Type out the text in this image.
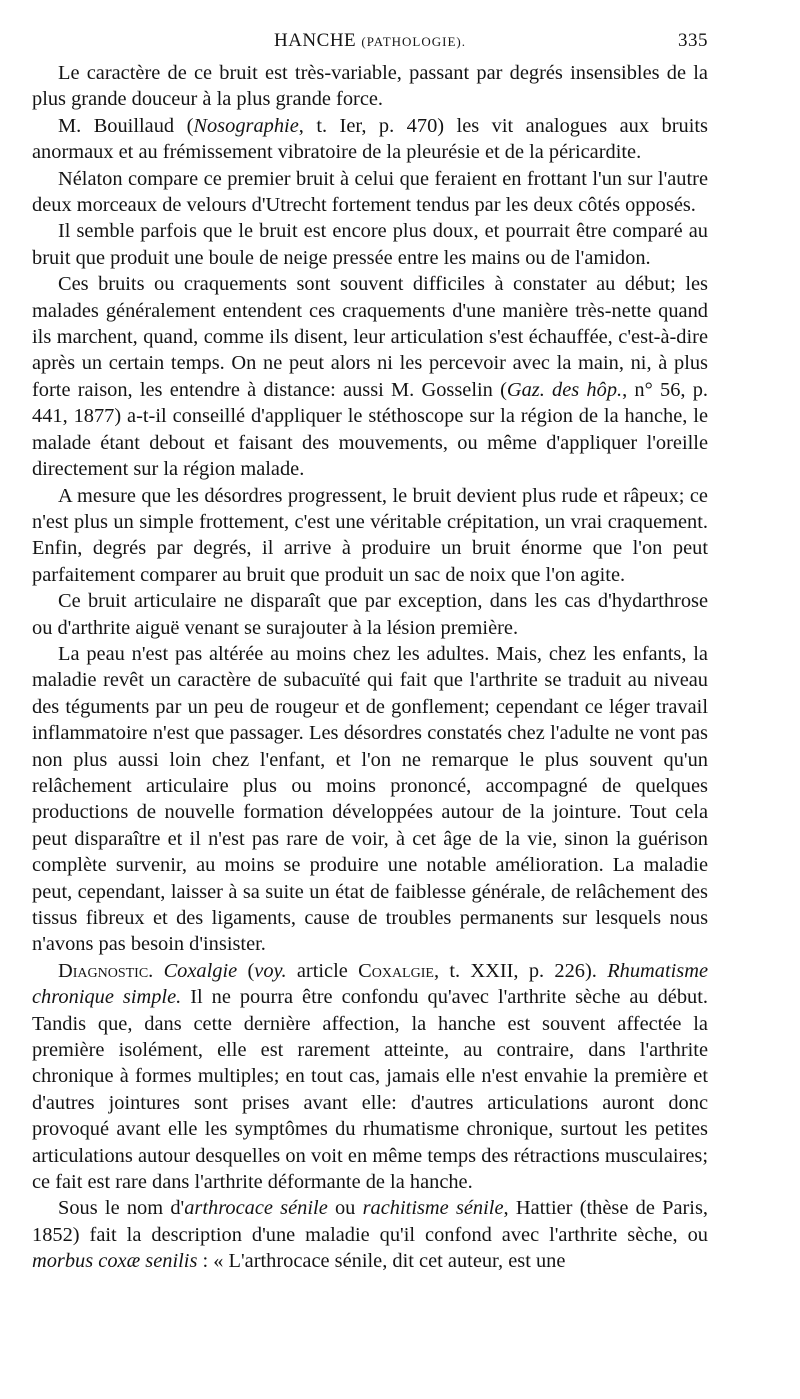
HANCHE (PATHOLOGIE).	335

Le caractère de ce bruit est très-variable, passant par degrés insensibles de la plus grande douceur à la plus grande force.

M. Bouillaud (Nosographie, t. Ier, p. 470) les vit analogues aux bruits anormaux et au frémissement vibratoire de la pleurésie et de la péricardite.

Nélaton compare ce premier bruit à celui que feraient en frottant l'un sur l'autre deux morceaux de velours d'Utrecht fortement tendus par les deux côtés opposés.

Il semble parfois que le bruit est encore plus doux, et pourrait être comparé au bruit que produit une boule de neige pressée entre les mains ou de l'amidon.

Ces bruits ou craquements sont souvent difficiles à constater au début; les malades généralement entendent ces craquements d'une manière très-nette quand ils marchent, quand, comme ils disent, leur articulation s'est échauffée, c'est-à-dire après un certain temps. On ne peut alors ni les percevoir avec la main, ni, à plus forte raison, les entendre à distance: aussi M. Gosselin (Gaz. des hôp., n° 56, p. 441, 1877) a-t-il conseillé d'appliquer le stéthoscope sur la région de la hanche, le malade étant debout et faisant des mouvements, ou même d'appliquer l'oreille directement sur la région malade.

A mesure que les désordres progressent, le bruit devient plus rude et râpeux; ce n'est plus un simple frottement, c'est une véritable crépitation, un vrai craquement. Enfin, degrés par degrés, il arrive à produire un bruit énorme que l'on peut parfaitement comparer au bruit que produit un sac de noix que l'on agite.

Ce bruit articulaire ne disparaît que par exception, dans les cas d'hydarthrose ou d'arthrite aiguë venant se surajouter à la lésion première.

La peau n'est pas altérée au moins chez les adultes. Mais, chez les enfants, la maladie revêt un caractère de subacuïté qui fait que l'arthrite se traduit au niveau des téguments par un peu de rougeur et de gonflement; cependant ce léger travail inflammatoire n'est que passager. Les désordres constatés chez l'adulte ne vont pas non plus aussi loin chez l'enfant, et l'on ne remarque le plus souvent qu'un relâchement articulaire plus ou moins prononcé, accompagné de quelques productions de nouvelle formation développées autour de la jointure. Tout cela peut disparaître et il n'est pas rare de voir, à cet âge de la vie, sinon la guérison complète survenir, au moins se produire une notable amélioration. La maladie peut, cependant, laisser à sa suite un état de faiblesse générale, de relâchement des tissus fibreux et des ligaments, cause de troubles permanents sur lesquels nous n'avons pas besoin d'insister.

Diagnostic. Coxalgie (voy. article Coxalgie, t. XXII, p. 226). Rhumatisme chronique simple. Il ne pourra être confondu qu'avec l'arthrite sèche au début. Tandis que, dans cette dernière affection, la hanche est souvent affectée la première isolément, elle est rarement atteinte, au contraire, dans l'arthrite chronique à formes multiples; en tout cas, jamais elle n'est envahie la première et d'autres jointures sont prises avant elle: d'autres articulations auront donc provoqué avant elle les symptômes du rhumatisme chronique, surtout les petites articulations autour desquelles on voit en même temps des rétractions musculaires; ce fait est rare dans l'arthrite déformante de la hanche.

Sous le nom d'arthrocace sénile ou rachitisme sénile, Hattier (thèse de Paris, 1852) fait la description d'une maladie qu'il confond avec l'arthrite sèche, ou morbus coxæ senilis : « L'arthrocace sénile, dit cet auteur, est une
